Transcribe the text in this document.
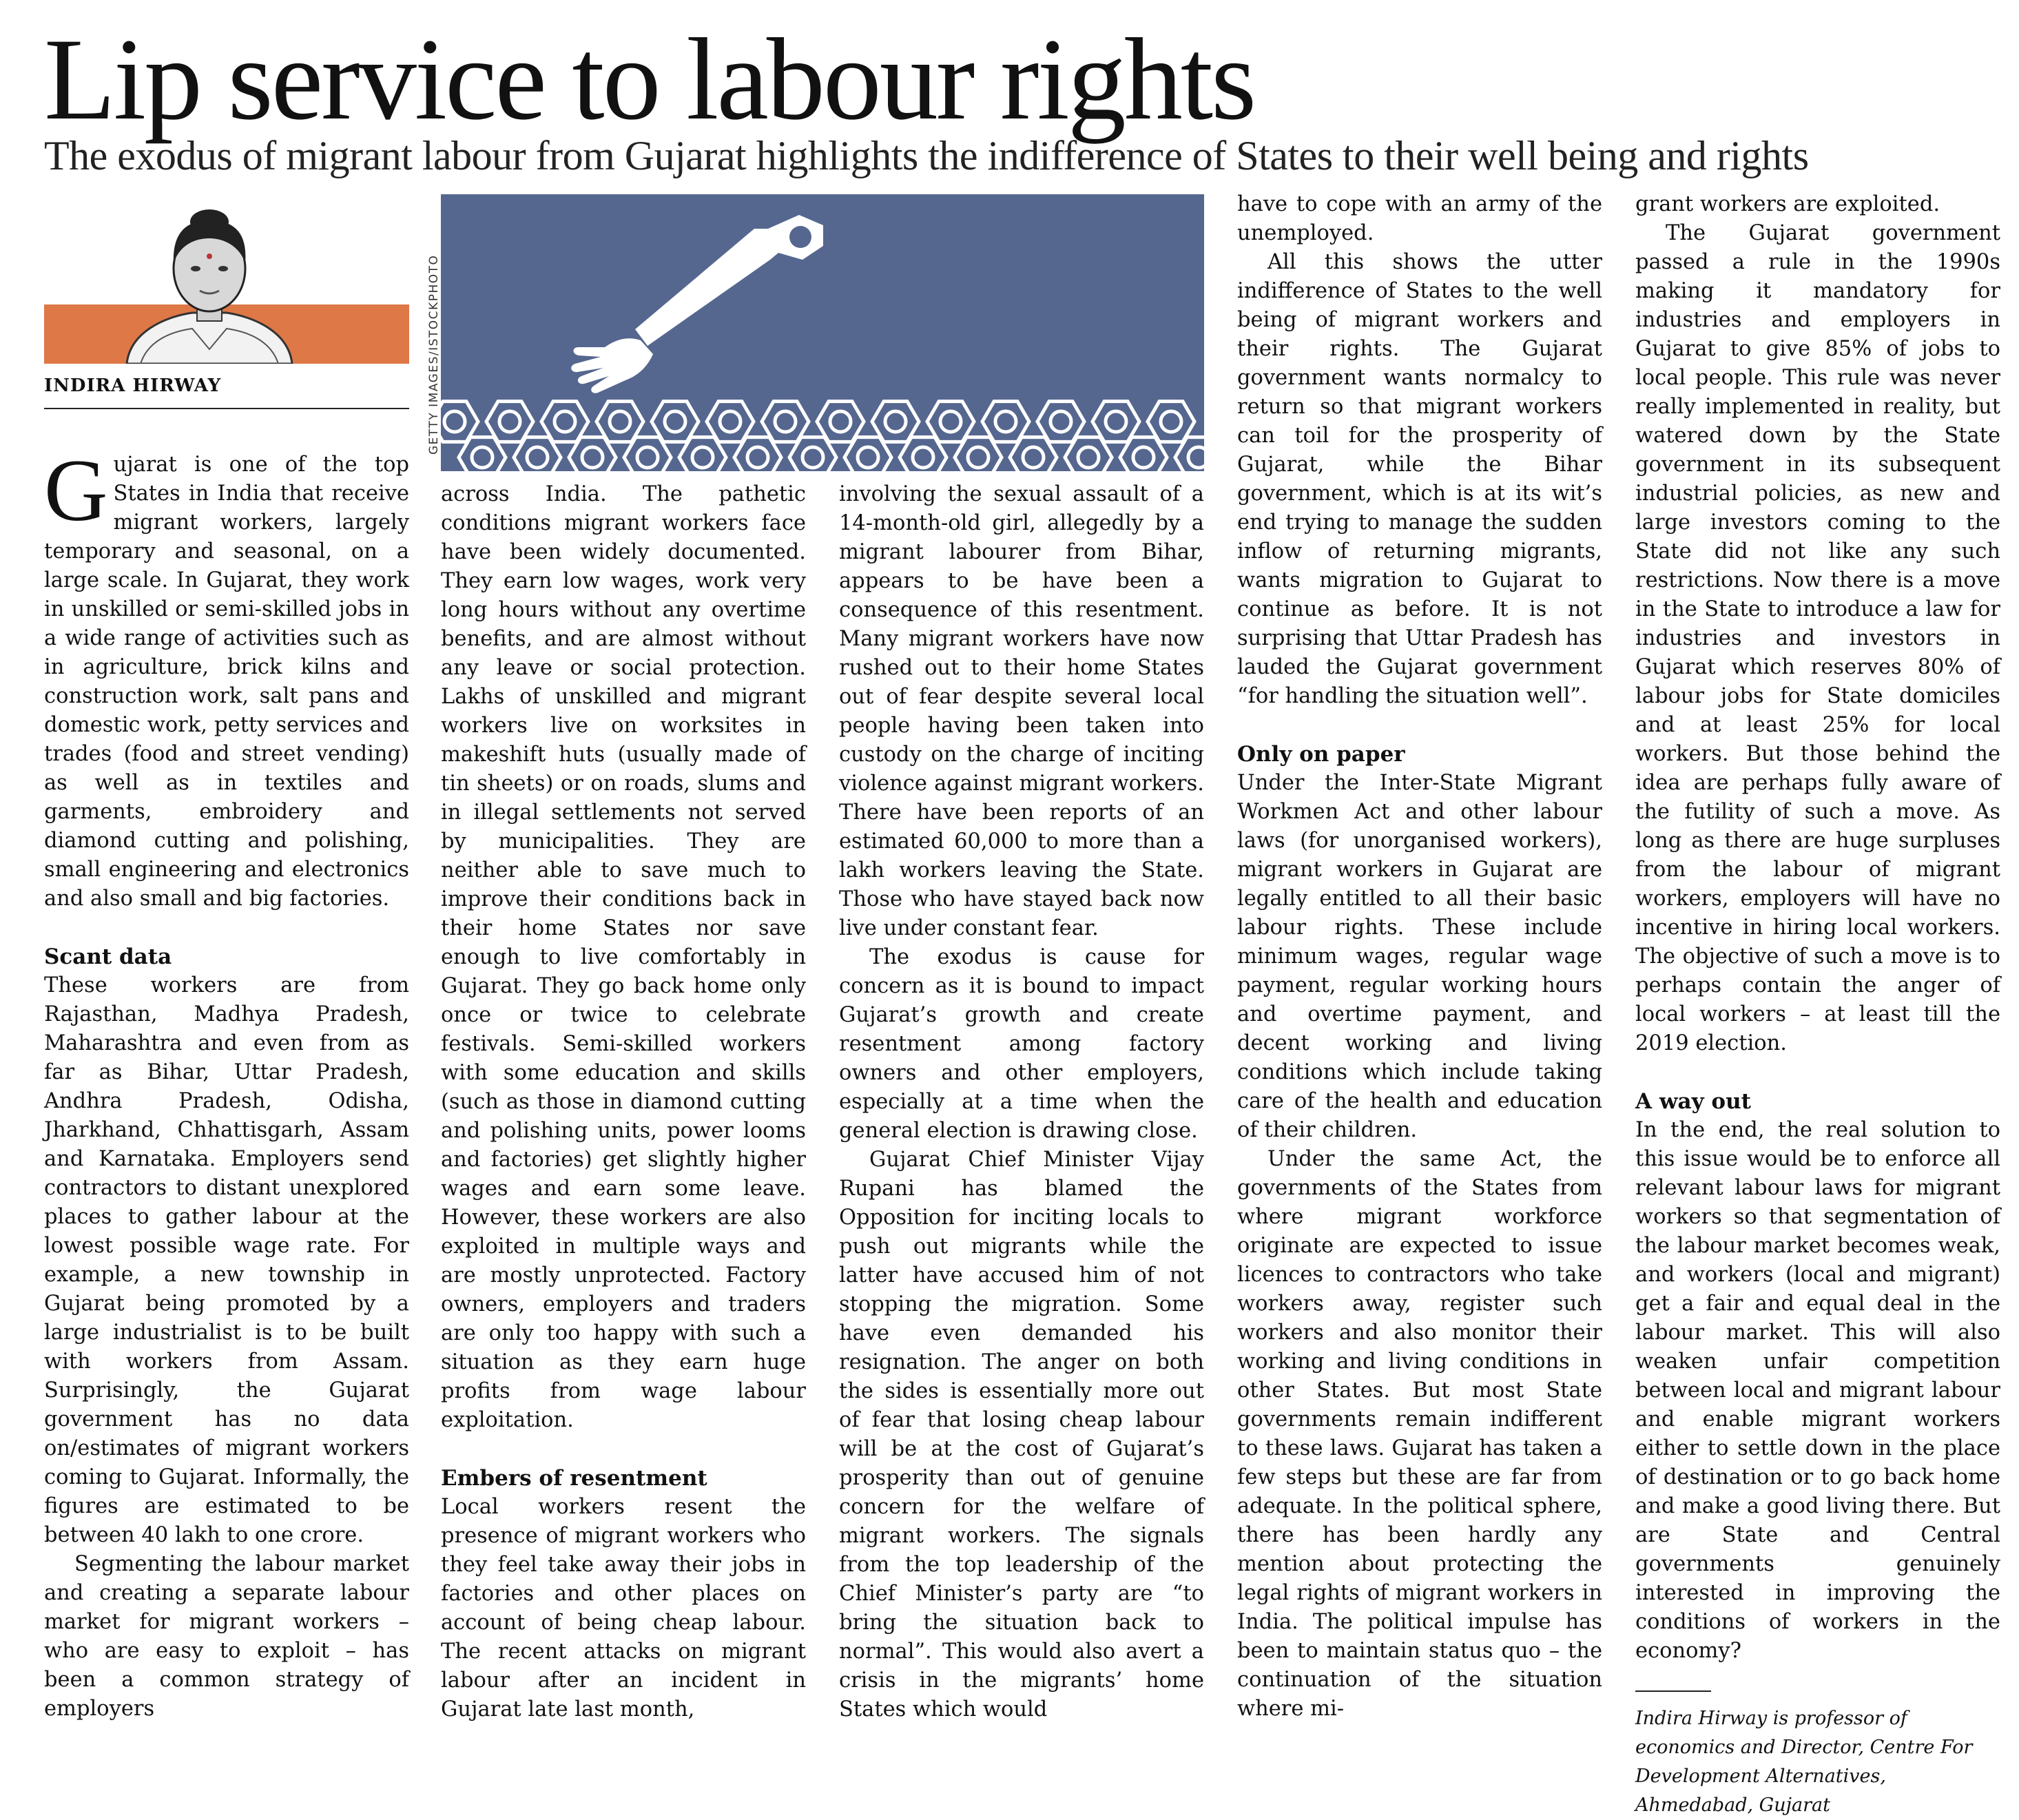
Lip service to labour rights
The exodus of migrant labour from Gujarat highlights the indifference of States to their well being and rights
INDIRA HIRWAY	GETTY IMAGES/ISTOCKPHOTO

Gujarat is one of the top States in India that receive migrant workers, largely temporary and seasonal, on a large scale. In Gujarat, they work in unskilled or semi-skilled jobs in a wide range of activities such as in agriculture, brick kilns and construction work, salt pans and domestic work, petty services and trades (food and street vending) as well as in textiles and garments, embroidery and diamond cutting and polishing, small engineering and electronics and also small and big factories.

Scant data

These workers are from Rajasthan, Madhya Pradesh, Maharashtra and even from as far as Bihar, Uttar Pradesh, Andhra Pradesh, Odisha, Jharkhand, Chhattisgarh, Assam and Karnataka. Employers send contractors to distant unexplored places to gather labour at the lowest possible wage rate. For example, a new township in Gujarat being promoted by a large industrialist is to be built with workers from Assam. Surprisingly, the Gujarat government has no data on/estimates of migrant workers coming to Gujarat. Informally, the figures are estimated to be between 40 lakh to one crore.

Segmenting the labour market and creating a separate labour market for migrant workers – who are easy to exploit – has been a common strategy of employers

across India. The pathetic conditions migrant workers face have been widely documented. They earn low wages, work very long hours without any overtime benefits, and are almost without any leave or social protection. Lakhs of unskilled and migrant workers live on worksites in makeshift huts (usually made of tin sheets) or on roads, slums and in illegal settlements not served by municipalities. They are neither able to save much to improve their conditions back in their home States nor save enough to live comfortably in Gujarat. They go back home only once or twice to celebrate festivals. Semi-skilled workers with some education and skills (such as those in diamond cutting and polishing units, power looms and factories) get slightly higher wages and earn some leave. However, these workers are also exploited in multiple ways and are mostly unprotected. Factory owners, employers and traders are only too happy with such a situation as they earn huge profits from wage labour exploitation.

Embers of resentment

Local workers resent the presence of migrant workers who they feel take away their jobs in factories and other places on account of being cheap labour. The recent attacks on migrant labour after an incident in Gujarat late last month,

involving the sexual assault of a 14-month-old girl, allegedly by a migrant labourer from Bihar, appears to be have been a consequence of this resentment. Many migrant workers have now rushed out to their home States out of fear despite several local people having been taken into custody on the charge of inciting violence against migrant workers. There have been reports of an estimated 60,000 to more than a lakh workers leaving the State. Those who have stayed back now live under constant fear.

The exodus is cause for concern as it is bound to impact Gujarat’s growth and create resentment among factory owners and other employers, especially at a time when the general election is drawing close.

Gujarat Chief Minister Vijay Rupani has blamed the Opposition for inciting locals to push out migrants while the latter have accused him of not stopping the migration. Some have even demanded his resignation. The anger on both the sides is essentially more out of fear that losing cheap labour will be at the cost of Gujarat’s prosperity than out of genuine concern for the welfare of migrant workers. The signals from the top leadership of the Chief Minister’s party are “to bring the situation back to normal”. This would also avert a crisis in the migrants’ home States which would

have to cope with an army of the unemployed.

All this shows the utter indifference of States to the well being of migrant workers and their rights. The Gujarat government wants normalcy to return so that migrant workers can toil for the prosperity of Gujarat, while the Bihar government, which is at its wit’s end trying to manage the sudden inflow of returning migrants, wants migration to Gujarat to continue as before. It is not surprising that Uttar Pradesh has lauded the Gujarat government “for handling the situation well”.

Only on paper

Under the Inter-State Migrant Workmen Act and other labour laws (for unorganised workers), migrant workers in Gujarat are legally entitled to all their basic labour rights. These include minimum wages, regular wage payment, regular working hours and overtime payment, and decent working and living conditions which include taking care of the health and education of their children.

Under the same Act, the governments of the States from where migrant workforce originate are expected to issue licences to contractors who take workers away, register such workers and also monitor their working and living conditions in other States. But most State governments remain indifferent to these laws. Gujarat has taken a few steps but these are far from adequate. In the political sphere, there has been hardly any mention about protecting the legal rights of migrant workers in India. The political impulse has been to maintain status quo – the continuation of the situation where mi-

grant workers are exploited.

The Gujarat government passed a rule in the 1990s making it mandatory for industries and employers in Gujarat to give 85% of jobs to local people. This rule was never really implemented in reality, but watered down by the State government in its subsequent industrial policies, as new and large investors coming to the State did not like any such restrictions. Now there is a move in the State to introduce a law for industries and investors in Gujarat which reserves 80% of labour jobs for State domiciles and at least 25% for local workers. But those behind the idea are perhaps fully aware of the futility of such a move. As long as there are huge surpluses from the labour of migrant workers, employers will have no incentive in hiring local workers. The objective of such a move is to perhaps contain the anger of local workers – at least till the 2019 election.

A way out

In the end, the real solution to this issue would be to enforce all relevant labour laws for migrant workers so that segmentation of the labour market becomes weak, and workers (local and migrant) get a fair and equal deal in the labour market. This will also weaken unfair competition between local and migrant labour and enable migrant workers either to settle down in the place of destination or to go back home and make a good living there. But are State and Central governments genuinely interested in improving the conditions of workers in the economy?

Indira Hirway is professor of economics and Director, Centre For Development Alternatives, Ahmedabad, Gujarat
